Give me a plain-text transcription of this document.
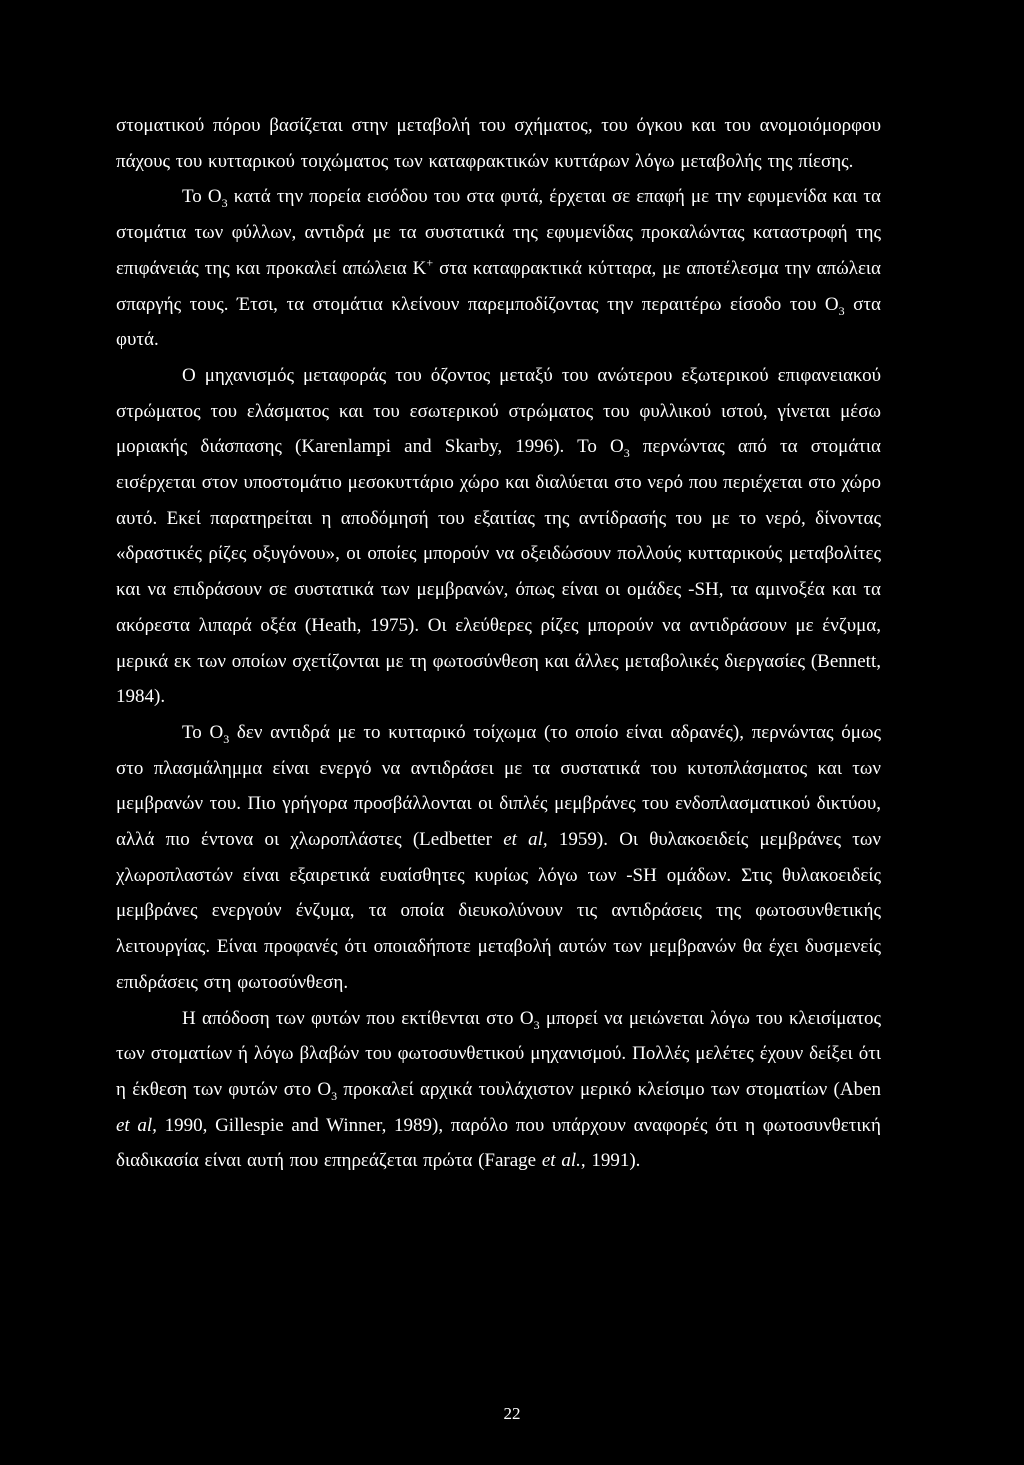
στοματικού πόρου βασίζεται στην μεταβολή του σχήματος, του όγκου και του ανομοιόμορφου πάχους του κυτταρικού τοιχώματος των καταφρακτικών κυττάρων λόγω μεταβολής της πίεσης.

Το $O_3$ κατά την πορεία εισόδου του στα φυτά, έρχεται σε επαφή με την εφυμενίδα και τα στομάτια των φύλλων, αντιδρά με τα συστατικά της εφυμενίδας προκαλώντας καταστροφή της επιφάνειάς της και προκαλεί απώλεια K+ στα καταφρακτικά κύτταρα, με αποτέλεσμα την απώλεια σπαργής τους. Έτσι, τα στομάτια κλείνουν παρεμποδίζοντας την περαιτέρω είσοδο του $O_3$ στα φυτά.

Ο μηχανισμός μεταφοράς του όζοντος μεταξύ του ανώτερου εξωτερικού επιφανειακού στρώματος του ελάσματος και του εσωτερικού στρώματος του φυλλικού ιστού, γίνεται μέσω μοριακής διάσπασης (Karenlampi and Skarby, 1996). Το $O_3$ περνώντας από τα στομάτια εισέρχεται στον υποστομάτιο μεσοκυττάριο χώρο και διαλύεται στο νερό που περιέχεται στο χώρο αυτό. Εκεί παρατηρείται η αποδόμησή του εξαιτίας της αντίδρασής του με το νερό, δίνοντας «δραστικές ρίζες οξυγόνου», οι οποίες μπορούν να οξειδώσουν πολλούς κυτταρικούς μεταβολίτες και να επιδράσουν σε συστατικά των μεμβρανών, όπως είναι οι ομάδες -SH, τα αμινοξέα και τα ακόρεστα λιπαρά οξέα (Heath, 1975). Οι ελεύθερες ρίζες μπορούν να αντιδράσουν με ένζυμα, μερικά εκ των οποίων σχετίζονται με τη φωτοσύνθεση και άλλες μεταβολικές διεργασίες (Bennett, 1984).

Το $O_3$ δεν αντιδρά με το κυτταρικό τοίχωμα (το οποίο είναι αδρανές), περνώντας όμως στο πλασμάλημμα είναι ενεργό να αντιδράσει με τα συστατικά του κυτοπλάσματος και των μεμβρανών του. Πιο γρήγορα προσβάλλονται οι διπλές μεμβράνες του ενδοπλασματικού δικτύου, αλλά πιο έντονα οι χλωροπλάστες (Ledbetter et al, 1959). Οι θυλακοειδείς μεμβράνες των χλωροπλαστών είναι εξαιρετικά ευαίσθητες κυρίως λόγω των -SH ομάδων. Στις θυλακοειδείς μεμβράνες ενεργούν ένζυμα, τα οποία διευκολύνουν τις αντιδράσεις της φωτοσυνθετικής λειτουργίας. Είναι προφανές ότι οποιαδήποτε μεταβολή αυτών των μεμβρανών θα έχει δυσμενείς επιδράσεις στη φωτοσύνθεση.

Η απόδοση των φυτών που εκτίθενται στο $O_3$ μπορεί να μειώνεται λόγω του κλεισίματος των στοματίων ή λόγω βλαβών του φωτοσυνθετικού μηχανισμού. Πολλές μελέτες έχουν δείξει ότι η έκθεση των φυτών στο $O_3$ προκαλεί αρχικά τουλάχιστον μερικό κλείσιμο των στοματίων (Aben et al, 1990, Gillespie and Winner, 1989), παρόλο που υπάρχουν αναφορές ότι η φωτοσυνθετική διαδικασία είναι αυτή που επηρεάζεται πρώτα (Farage et al., 1991).

22
